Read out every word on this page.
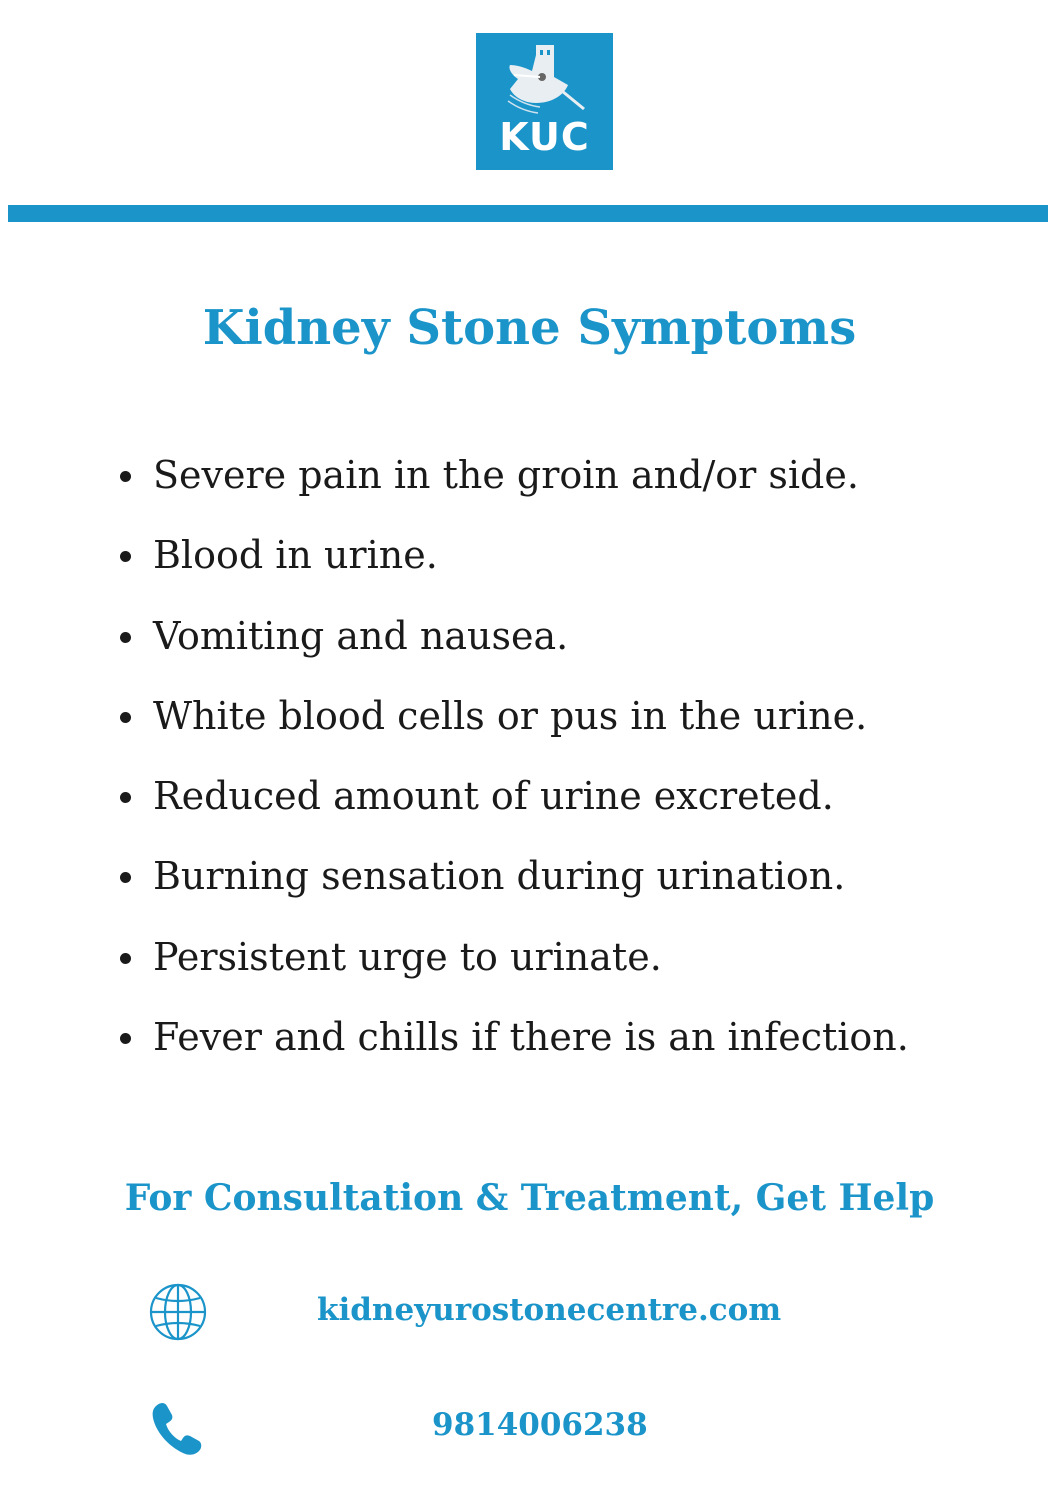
KUC
Kidney Stone Symptoms
Severe pain in the groin and/or side.
Blood in urine.
Vomiting and nausea.
White blood cells or pus in the urine.
Reduced amount of urine excreted.
Burning sensation during urination.
Persistent urge to urinate.
Fever and chills if there is an infection.
For Consultation & Treatment, Get Help
kidneyurostonecentre.com
9814006238
